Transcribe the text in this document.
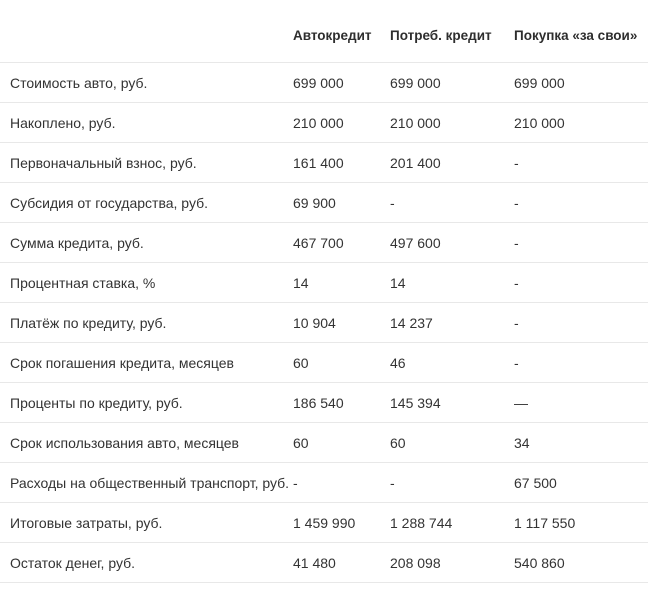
	Автокредит	Потреб. кредит	Покупка «за свои»
Стоимость авто, руб.	699 000	699 000	699 000
Накоплено, руб.	210 000	210 000	210 000
Первоначальный взнос, руб.	161 400	201 400	-
Субсидия от государства, руб.	69 900	-	-
Сумма кредита, руб.	467 700	497 600	-
Процентная ставка, %	14	14	-
Платёж по кредиту, руб.	10 904	14 237	-
Срок погашения кредита, месяцев	60	46	-
Проценты по кредиту, руб.	186 540	145 394	—
Срок использования авто, месяцев	60	60	34
Расходы на общественный транспорт, руб.	-	-	67 500
Итоговые затраты, руб.	1 459 990	1 288 744	1 117 550
Остаток денег, руб.	41 480	208 098	540 860
